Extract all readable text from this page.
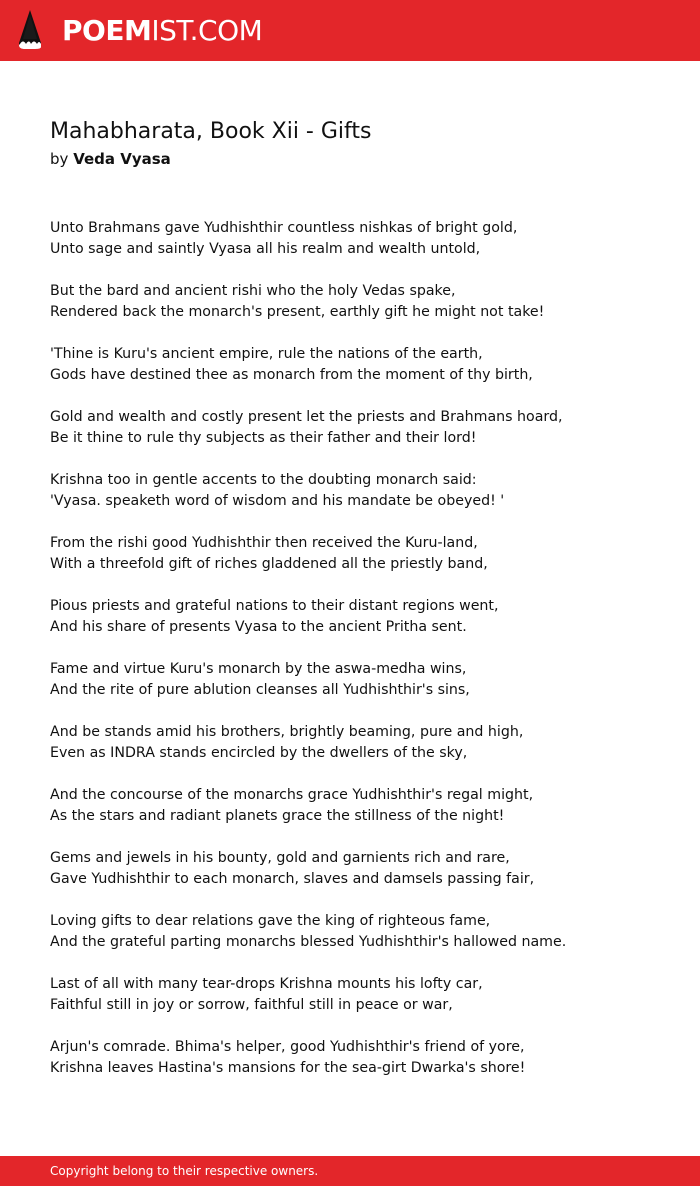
POEMIST.COM
Mahabharata, Book Xii - Gifts
by Veda Vyasa
Unto Brahmans gave Yudhishthir countless nishkas of bright gold,
Unto sage and saintly Vyasa all his realm and wealth untold,
But the bard and ancient rishi who the holy Vedas spake,
Rendered back the monarch's present, earthly gift he might not take!
'Thine is Kuru's ancient empire, rule the nations of the earth,
Gods have destined thee as monarch from the moment of thy birth,
Gold and wealth and costly present let the priests and Brahmans hoard,
Be it thine to rule thy subjects as their father and their lord!
Krishna too in gentle accents to the doubting monarch said:
'Vyasa. speaketh word of wisdom and his mandate be obeyed! '
From the rishi good Yudhishthir then received the Kuru-land,
With a threefold gift of riches gladdened all the priestly band,
Pious priests and grateful nations to their distant regions went,
And his share of presents Vyasa to the ancient Pritha sent.
Fame and virtue Kuru's monarch by the aswa-medha wins,
And the rite of pure ablution cleanses all Yudhishthir's sins,
And be stands amid his brothers, brightly beaming, pure and high,
Even as INDRA stands encircled by the dwellers of the sky,
And the concourse of the monarchs grace Yudhishthir's regal might,
As the stars and radiant planets grace the stillness of the night!
Gems and jewels in his bounty, gold and garnients rich and rare,
Gave Yudhishthir to each monarch, slaves and damsels passing fair,
Loving gifts to dear relations gave the king of righteous fame,
And the grateful parting monarchs blessed Yudhishthir's hallowed name.
Last of all with many tear-drops Krishna mounts his lofty car,
Faithful still in joy or sorrow, faithful still in peace or war,
Arjun's comrade. Bhima's helper, good Yudhishthir's friend of yore,
Krishna leaves Hastina's mansions for the sea-girt Dwarka's shore!
Copyright belong to their respective owners.
